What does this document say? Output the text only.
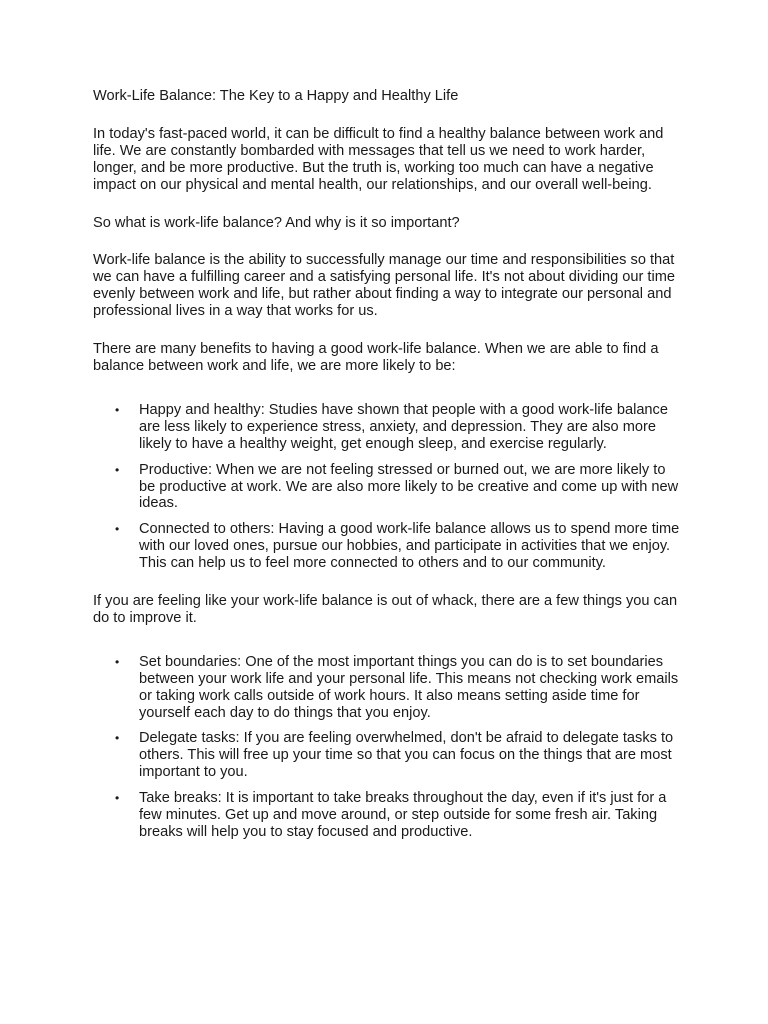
Work-Life Balance: The Key to a Happy and Healthy Life

In today's fast-paced world, it can be difficult to find a healthy balance between work and life. We are constantly bombarded with messages that tell us we need to work harder, longer, and be more productive. But the truth is, working too much can have a negative impact on our physical and mental health, our relationships, and our overall well-being.

So what is work-life balance? And why is it so important?

Work-life balance is the ability to successfully manage our time and responsibilities so that we can have a fulfilling career and a satisfying personal life. It's not about dividing our time evenly between work and life, but rather about finding a way to integrate our personal and professional lives in a way that works for us.

There are many benefits to having a good work-life balance. When we are able to find a balance between work and life, we are more likely to be:

• Happy and healthy: Studies have shown that people with a good work-life balance are less likely to experience stress, anxiety, and depression. They are also more likely to have a healthy weight, get enough sleep, and exercise regularly.
• Productive: When we are not feeling stressed or burned out, we are more likely to be productive at work. We are also more likely to be creative and come up with new ideas.
• Connected to others: Having a good work-life balance allows us to spend more time with our loved ones, pursue our hobbies, and participate in activities that we enjoy. This can help us to feel more connected to others and to our community.

If you are feeling like your work-life balance is out of whack, there are a few things you can do to improve it.

• Set boundaries: One of the most important things you can do is to set boundaries between your work life and your personal life. This means not checking work emails or taking work calls outside of work hours. It also means setting aside time for yourself each day to do things that you enjoy.
• Delegate tasks: If you are feeling overwhelmed, don't be afraid to delegate tasks to others. This will free up your time so that you can focus on the things that are most important to you.
• Take breaks: It is important to take breaks throughout the day, even if it's just for a few minutes. Get up and move around, or step outside for some fresh air. Taking breaks will help you to stay focused and productive.
